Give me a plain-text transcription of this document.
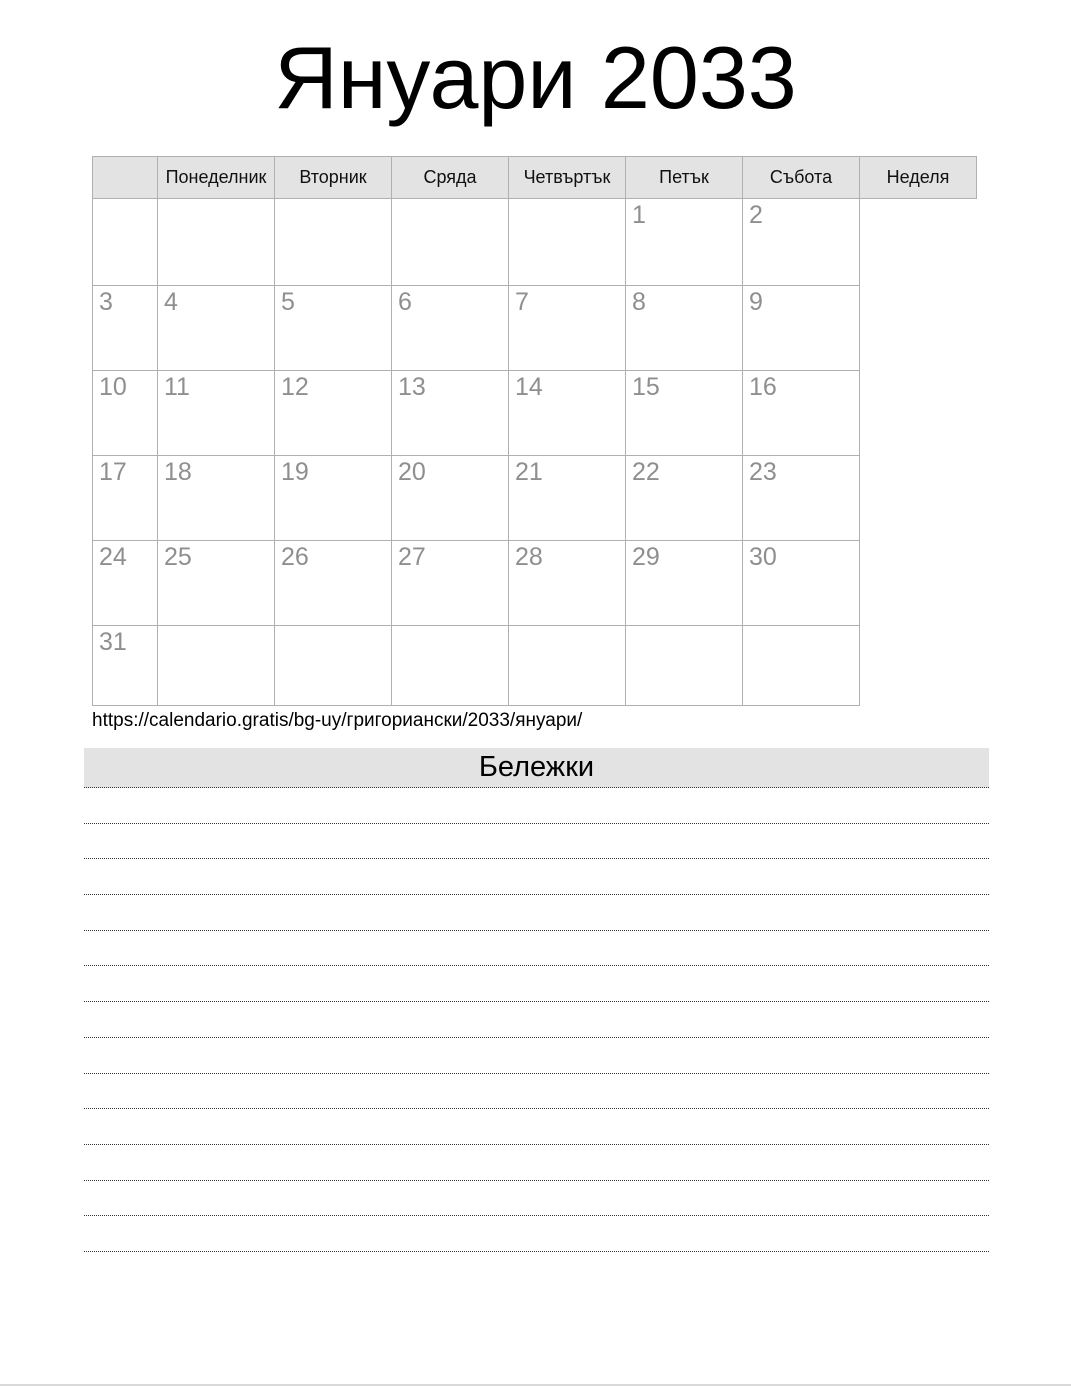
Януари 2033
	Понеделник	Вторник	Сряда	Четвъртък	Петък	Събота	Неделя
					1	2	
3	4	5	6	7	8	9	
10	11	12	13	14	15	16	
17	18	19	20	21	22	23	
24	25	26	27	28	29	30	
31							
https://calendario.gratis/bg-uy/григориански/2033/януари/
Бележки
